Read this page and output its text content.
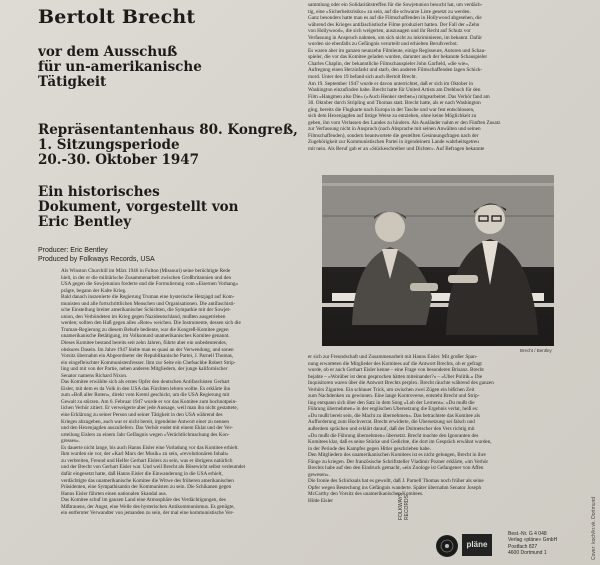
Bertolt Brecht
vor dem Ausschuß
für un-amerikanische
Tätigkeit
Repräsentantenhaus 80. Kongreß,
1. Sitzungsperiode
20.-30. Oktober 1947
Ein historisches
Dokument, vorgestellt von
Eric Bentley
Producer: Eric Bentley
Produced by Folkways Records, USA
Als Winston Churchill im März 1946 in Fulton (Missouri) seine berüchtigte Rede
hielt, in der er die militärische Zusammenarbeit zwischen Großbritannien und den
USA gegen die Sowjetunion forderte und die Formulierung vom »Eisernen Vorhang«
prägte, begann der Kalte Krieg.
Bald danach inszenierte die Regierung Truman eine hysterische Hetzjagd auf Kom-
munisten und alle fortschrittlichen Menschen und Organisationen. Die antifaschisti-
sche Einstellung breiter amerikanischer Schichten, die Sympathie mit der Sowjet-
union, den Verbündeten im Krieg gegen Nazideutschland, mußten ausgetrieben
werden; sollten den Haß gegen alles »Rote« weichen. Die Instrumente, dessen sich die
Truman-Regierung zu diesem Behufe bediente, war die Kongreß-Komitee gegen
unamerikanische Betätigung, im Volksmund unamerikanisches Komitee genannt.
Dieses Komitee bestand bereits seit zehn Jahren, führte aber ein unbedeutendes,
obskures Dasein. Im Jahre 1947 hielte man es quasi an der Verwendung, und sonen
Vorsitz übernahm ein Abgeordneter der Republikanische Partei, J. Parnell Thomas,
ein eingefleischter Kommunistenfresser. Ihm zur Seite ein Chefsachbe Robert Strip-
ling und mit von der Partie, neben anderen Mitgliedern, der junge kalifornischer
Senator namens Richard Nixon.
Das Komitee erwählte sich als erstes Opfer den deutschen Antifaschisten Gerhart
Eisler, mit dem es da Volk in den USA das Fürchten lehren wollte. Es erklärte ihn
zum »Boß aller Roten«, direkt vom Kreml geschickt, um die USA Regierung mit
Gewalt zu stürzen. Am 6. Februar 1947 wurde er vor das Komitee zum hochnotpein-
lichen Verhör zitiert. Er verweigerte aber jede Aussage, weil man ihn nicht gestattete,
eine Erklärung zu seiner Person und seiner Tätigkeit in den USA während des
Krieges abzugeben, auch war er nicht bereit, irgendeine Antwort einer zu nennen
und den Hexenjagden auszuliefern. Das Verhör endet mit einem Eklat und der Ver-
urteilung Eislers zu einem Jahr Gefängnis wegen »Verächtlichmachung des Kon-
gresses«.
Es dauerte nicht lange, bis auch Hanns Eisler eine Vorladung vor das Komitee erhielt.
Ihm wurden sie vor, der »Karl Marx der Musik« zu sein, »revolutionären Inhalt«
zu verbreiten, Freund und Helfer Gerhart Eislers zu sein, was er übrigens natürlich
und der Brecht von Gerhart Eisler war. Und weil Brecht als Bösewicht selbst verleumdet
dafür eingesetzt hatte, daß Hanns Eisler die Einwanderung in die USA erhielt,
verdächtigte das unamerikanische Komitee die Witwe des früheren amerikanischen
Präsidenten, eine Sympathisantin der Kommunisten zu sein. Die Schikanen gegen
Hanns Eisler führten einen nationalen Skandal aus.
Das Komitee schuf im ganzen Land eine Atmosphäre des Verdächtigungen, des
Mißtrauens, der Angst, eine Welle des hysterischen Antikommunismus. Es genügte,
ein entfernter Verwandter von jemanden zu sein, der mal eine kommunistische Ver-
sammlung oder ein Solidaritätstreffen für die Sowjetunion besucht hat, um verdäch-
tig, eine »Sicherheitsrisiko« zu sein, auf die schwarze Liste gesetzt zu werden.
Ganz besonders hatte man es auf die Filmschaffenden in Hollywood abgesehen, die
während des Krieges antifaschistische Filme produziert hatten. Der Fall der »Zehn
von Hollywood«, die sich weigerten, auszusagen und ihr Recht auf Schutz vor
Verfassung in Anspruch nahmen, um sich nicht zu inkriminieren, im bekannt. Dafür
wurden sie ebenfalls zu Gefängnis verurteilt und erhielten Berufsverbot.
Es waren aber im ganzen neunzehn Filmleute, einige Regisseure, Autoren und Schau-
spieler, die vor das Komitee geladen wurden, darunter auch der bekannte Schauspieler
Charles Chaplin, der bekanntliche Filmschauspieler John Garfield, »die wie«,
Aufregung einen Herzinfarkt und starb, den anderen Filmschaffenden lagen Schick-
mord. Unter den 19 befand sich auch Bertolt Brecht.
Am 19. September 1947 wurde er davon unterrichtet, daß er sich im Oktober in
Washington einzufinden habe. Brecht hatte für United Artists am Drehbuch für den
Film »Hangmen also Die« (»Auch Henker sterben«) mitgearbeitet. Das Verhör fand am
30. Oktober durch Stripling und Thomas statt. Brecht hatte, als er nach Washington
ging, bereits die Flugkarte nach Europa in der Tasche und war fest entschlossen,
sich dem Hexenjagden auf listige Weise zu entziehen, ohne keine Möglichkeit zu
geben, ihn vom Verlassen des Landes zu hindern. Als Ausländer nahm er den Fünften Zusatz
zur Verfassung nicht in Anspruch (nach Absprache mit seinen Anwälten und seinen
Filmschaffenden), sondern beantwortete die gestellten Gesinnungsfragen nach der
Zugehörigkeit zur Kommunistischen Partei in irgendeinem Lande wahrheitsgetreu
mit nein. Als Beruf gab er an »Stückeschreiber und Dichter«. Auf Befragen bekannte
Brecht / Bentley
er sich zur Freundschaft und Zusammenarbeit mit Hanns Eisler. Mit großer Span-
nung erwarteten die Mitglieder des Komitees auf die Antwort Brechts, ob er gefragt
wurde, ob er auch Gerhart Eisler kenne – eine Frage von besonderen Brisanz. Brecht
bejahte – »Worüber ist denn gesprochen hätten miteinander?« – »Über Politik.« Die
Inquisitoren waren über die Antwort Brechts perplex. Brecht räuchte während des ganzen
Verhörs Zigarren. Ein schlauer Trick, um zwischen zwei Zügen ein bißchen Zeit
zum Nachdenken zu gewinnen. Eine lange Kontroverse, entsteht Brecht und Strip-
ling entspann sich über den Satz in dem Song »Lob der Lernens«: »Du mußt die
Führung übernehmen« in der englischen Übersetzung die Ergebnis verlat, heiß es:
»Du mußt bereit sein, die Macht zu übernehmen«. Das betrachtete das Komitee als
Aufforderung zum Hochverrat. Brecht erwiderte, die Übersetzung sei falsch und
außerdem sprächen und erklärt darauf, daß der Dolmetscher den Vers richtig mit
»Du mußt die Führung übernehmen« übersetzt. Brecht machte den Ignoranten des
Komitees klar, daß es seine Stücke und Gedichte, die dort im Gespräch erwähnt wurden,
in der Periode des Kampfes gegen Hitler geschrieben habe.
Den Mitgliedern des unamerikanischen Komitees ist es nicht gelungen, Brecht in ihre
Fänge zu kriegen. Der französische Schriftsteller Vladimir Pozner erklärte, »im Verhör
Brechts habe auf den den Eindruck gemacht, »ein Zoologe ist Gefangener von Affen
gewesen«.
Die Ironie des Schicksals hat es gewollt, daß J. Parnell Thomas noch früher als seine
Opfer wegen Bestechung ins Gefängnis wanderte. Später übernahm Senator Joseph
McCarthy den Vorsitz des unamerikanischen Komitees.
Hilde Eisler	FOLKWAYS RECORDS
pläne
Best.-Nr. G 4 048
Verlag »pläne« GmbH
Postfach 827
4600 Dortmund 1	Cover: koch/kr.vk. Dortmund
